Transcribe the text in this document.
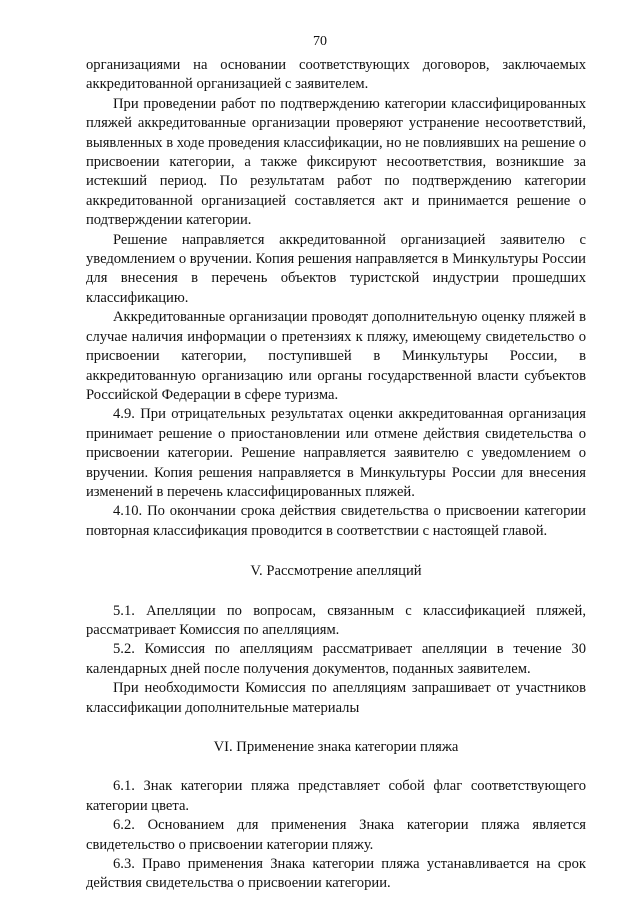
70

организациями на основании соответствующих договоров, заключаемых аккредитованной организацией с заявителем.

При проведении работ по подтверждению категории классифицированных пляжей аккредитованные организации проверяют устранение несоответствий, выявленных в ходе проведения классификации, но не повлиявших на решение о присвоении категории, а также фиксируют несоответствия, возникшие за истекший период. По результатам работ по подтверждению категории аккредитованной организацией составляется акт и принимается решение о подтверждении категории.

Решение направляется аккредитованной организацией заявителю с уведомлением о вручении. Копия решения направляется в Минкультуры России для внесения в перечень объектов туристской индустрии прошедших классификацию.

Аккредитованные организации проводят дополнительную оценку пляжей в случае наличия информации о претензиях к пляжу, имеющему свидетельство о присвоении категории, поступившей в Минкультуры России, в аккредитованную организацию или органы государственной власти субъектов Российской Федерации в сфере туризма.

4.9. При отрицательных результатах оценки аккредитованная организация принимает решение о приостановлении или отмене действия свидетельства о присвоении категории. Решение направляется заявителю с уведомлением о вручении. Копия решения направляется в Минкультуры России для внесения изменений в перечень классифицированных пляжей.

4.10. По окончании срока действия свидетельства о присвоении категории повторная классификация проводится в соответствии с настоящей главой.

V. Рассмотрение апелляций

5.1. Апелляции по вопросам, связанным с классификацией пляжей, рассматривает Комиссия по апелляциям.

5.2. Комиссия по апелляциям рассматривает апелляции в течение 30 календарных дней после получения документов, поданных заявителем.

При необходимости Комиссия по апелляциям запрашивает от участников классификации дополнительные материалы

VI. Применение знака категории пляжа

6.1. Знак категории пляжа представляет собой флаг соответствующего категории цвета.

6.2. Основанием для применения Знака категории пляжа является свидетельство о присвоении категории пляжу.

6.3. Право применения Знака категории пляжа устанавливается на срок действия свидетельства о присвоении категории.
